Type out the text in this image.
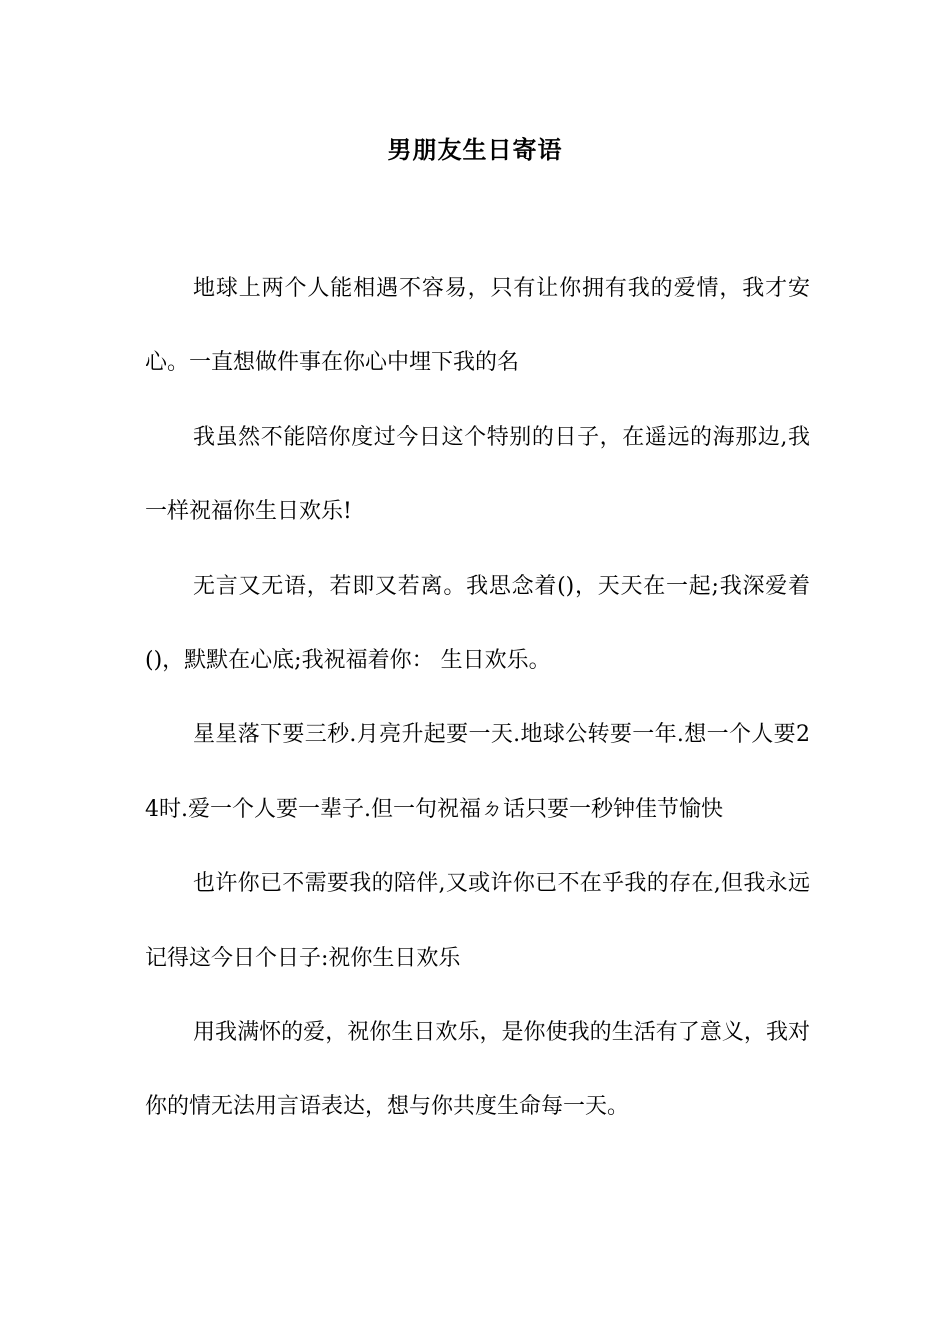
男朋友生日寄语

地球上两个人能相遇不容易，只有让你拥有我的爱情，我才安心。一直想做件事在你心中埋下我的名

我虽然不能陪你度过今日这个特别的日子，在遥远的海那边,我一样祝福你生日欢乐!

无言又无语，若即又若离。我思念着()，天天在一起;我深爱着()，默默在心底;我祝福着你： 生日欢乐。

星星落下要三秒.月亮升起要一天.地球公转要一年.想一个人要24时.爱一个人要一辈子.但一句祝福ㄉ话只要一秒钟佳节愉快

也许你已不需要我的陪伴,又或许你已不在乎我的存在,但我永远记得这今日个日子:祝你生日欢乐

用我满怀的爱，祝你生日欢乐，是你使我的生活有了意义，我对你的情无法用言语表达，想与你共度生命每一天。
